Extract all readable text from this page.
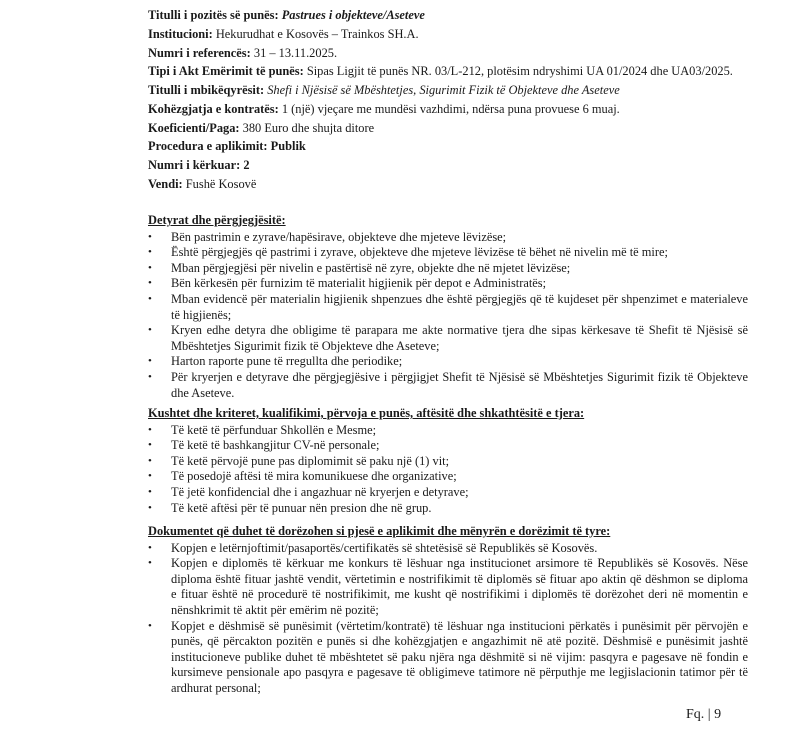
Titulli i pozitës së punës: Pastrues i objekteve/Aseteve
Institucioni: Hekurudhat e Kosovës – Trainkos SH.A.
Numri i referencës: 31 – 13.11.2025.
Tipi i Akt Emërimit të punës: Sipas Ligjit të punës NR. 03/L-212, plotësim ndryshimi UA 01/2024 dhe UA03/2025.
Titulli i mbikëqyrësit: Shefi i Njësisë së Mbështetjes, Sigurimit Fizik të Objekteve dhe Aseteve
Kohëzgjatja e kontratës: 1 (një) vjeçare me mundësi vazhdimi, ndërsa puna provuese 6 muaj.
Koeficienti/Paga: 380 Euro dhe shujta ditore
Procedura e aplikimit: Publik
Numri i kërkuar: 2
Vendi: Fushë Kosovë
Detyrat dhe përgjegjësitë:
• Bën pastrimin e zyrave/hapësirave, objekteve dhe mjeteve lëvizëse;
• Është përgjegjës që pastrimi i zyrave, objekteve dhe mjeteve lëvizëse të bëhet në nivelin më të mire;
• Mban përgjegjësi për nivelin e pastërtisë në zyre, objekte dhe në mjetet lëvizëse;
• Bën kërkesën për furnizim të materialit higjienik për depot e Administratës;
• Mban evidencë për materialin higjienik shpenzues dhe është përgjegjës që të kujdeset për shpenzimet e materialeve të higjienës;
• Kryen edhe detyra dhe obligime të parapara me akte normative tjera dhe sipas kërkesave të Shefit të Njësisë së Mbështetjes Sigurimit fizik të Objekteve dhe Aseteve;
• Harton raporte pune të rregullta dhe periodike;
• Për kryerjen e detyrave dhe përgjegjësive i përgjigjet Shefit të Njësisë së Mbështetjes Sigurimit fizik të Objekteve dhe Aseteve.
Kushtet dhe kriteret, kualifikimi, përvoja e punës, aftësitë dhe shkathtësitë e tjera:
• Të ketë të përfunduar Shkollën e Mesme;
• Të ketë të bashkangjitur CV-në personale;
• Të ketë përvojë pune pas diplomimit së paku një (1) vit;
• Të posedojë aftësi të mira komunikuese dhe organizative;
• Të jetë konfidencial dhe i angazhuar në kryerjen e detyrave;
• Të ketë aftësi për të punuar nën presion dhe në grup.
Dokumentet që duhet të dorëzohen si pjesë e aplikimit dhe mënyrën e dorëzimit të tyre:
• Kopjen e letërnjoftimit/pasaportës/certifikatës së shtetësisë së Republikës së Kosovës.
• Kopjen e diplomës të kërkuar me konkurs të lëshuar nga institucionet arsimore të Republikës së Kosovës. Nëse diploma është fituar jashtë vendit, vërtetimin e nostrifikimit të diplomës së fituar apo aktin që dëshmon se diploma e fituar është në procedurë të nostrifikimit, me kusht që nostrifikimi i diplomës të dorëzohet deri në momentin e nënshkrimit të aktit për emërim në pozitë;
• Kopjet e dëshmisë së punësimit (vërtetim/kontratë) të lëshuar nga institucioni përkatës i punësimit për përvojën e punës, që përcakton pozitën e punës si dhe kohëzgjatjen e angazhimit në atë pozitë. Dëshmisë e punësimit jashtë institucioneve publike duhet të mbështetet së paku njëra nga dëshmitë si në vijim: pasqyra e pagesave në fondin e kursimeve pensionale apo pasqyra e pagesave të obligimeve tatimore në përputhje me legjislacionin tatimor për të ardhurat personal;
Fq. | 9
